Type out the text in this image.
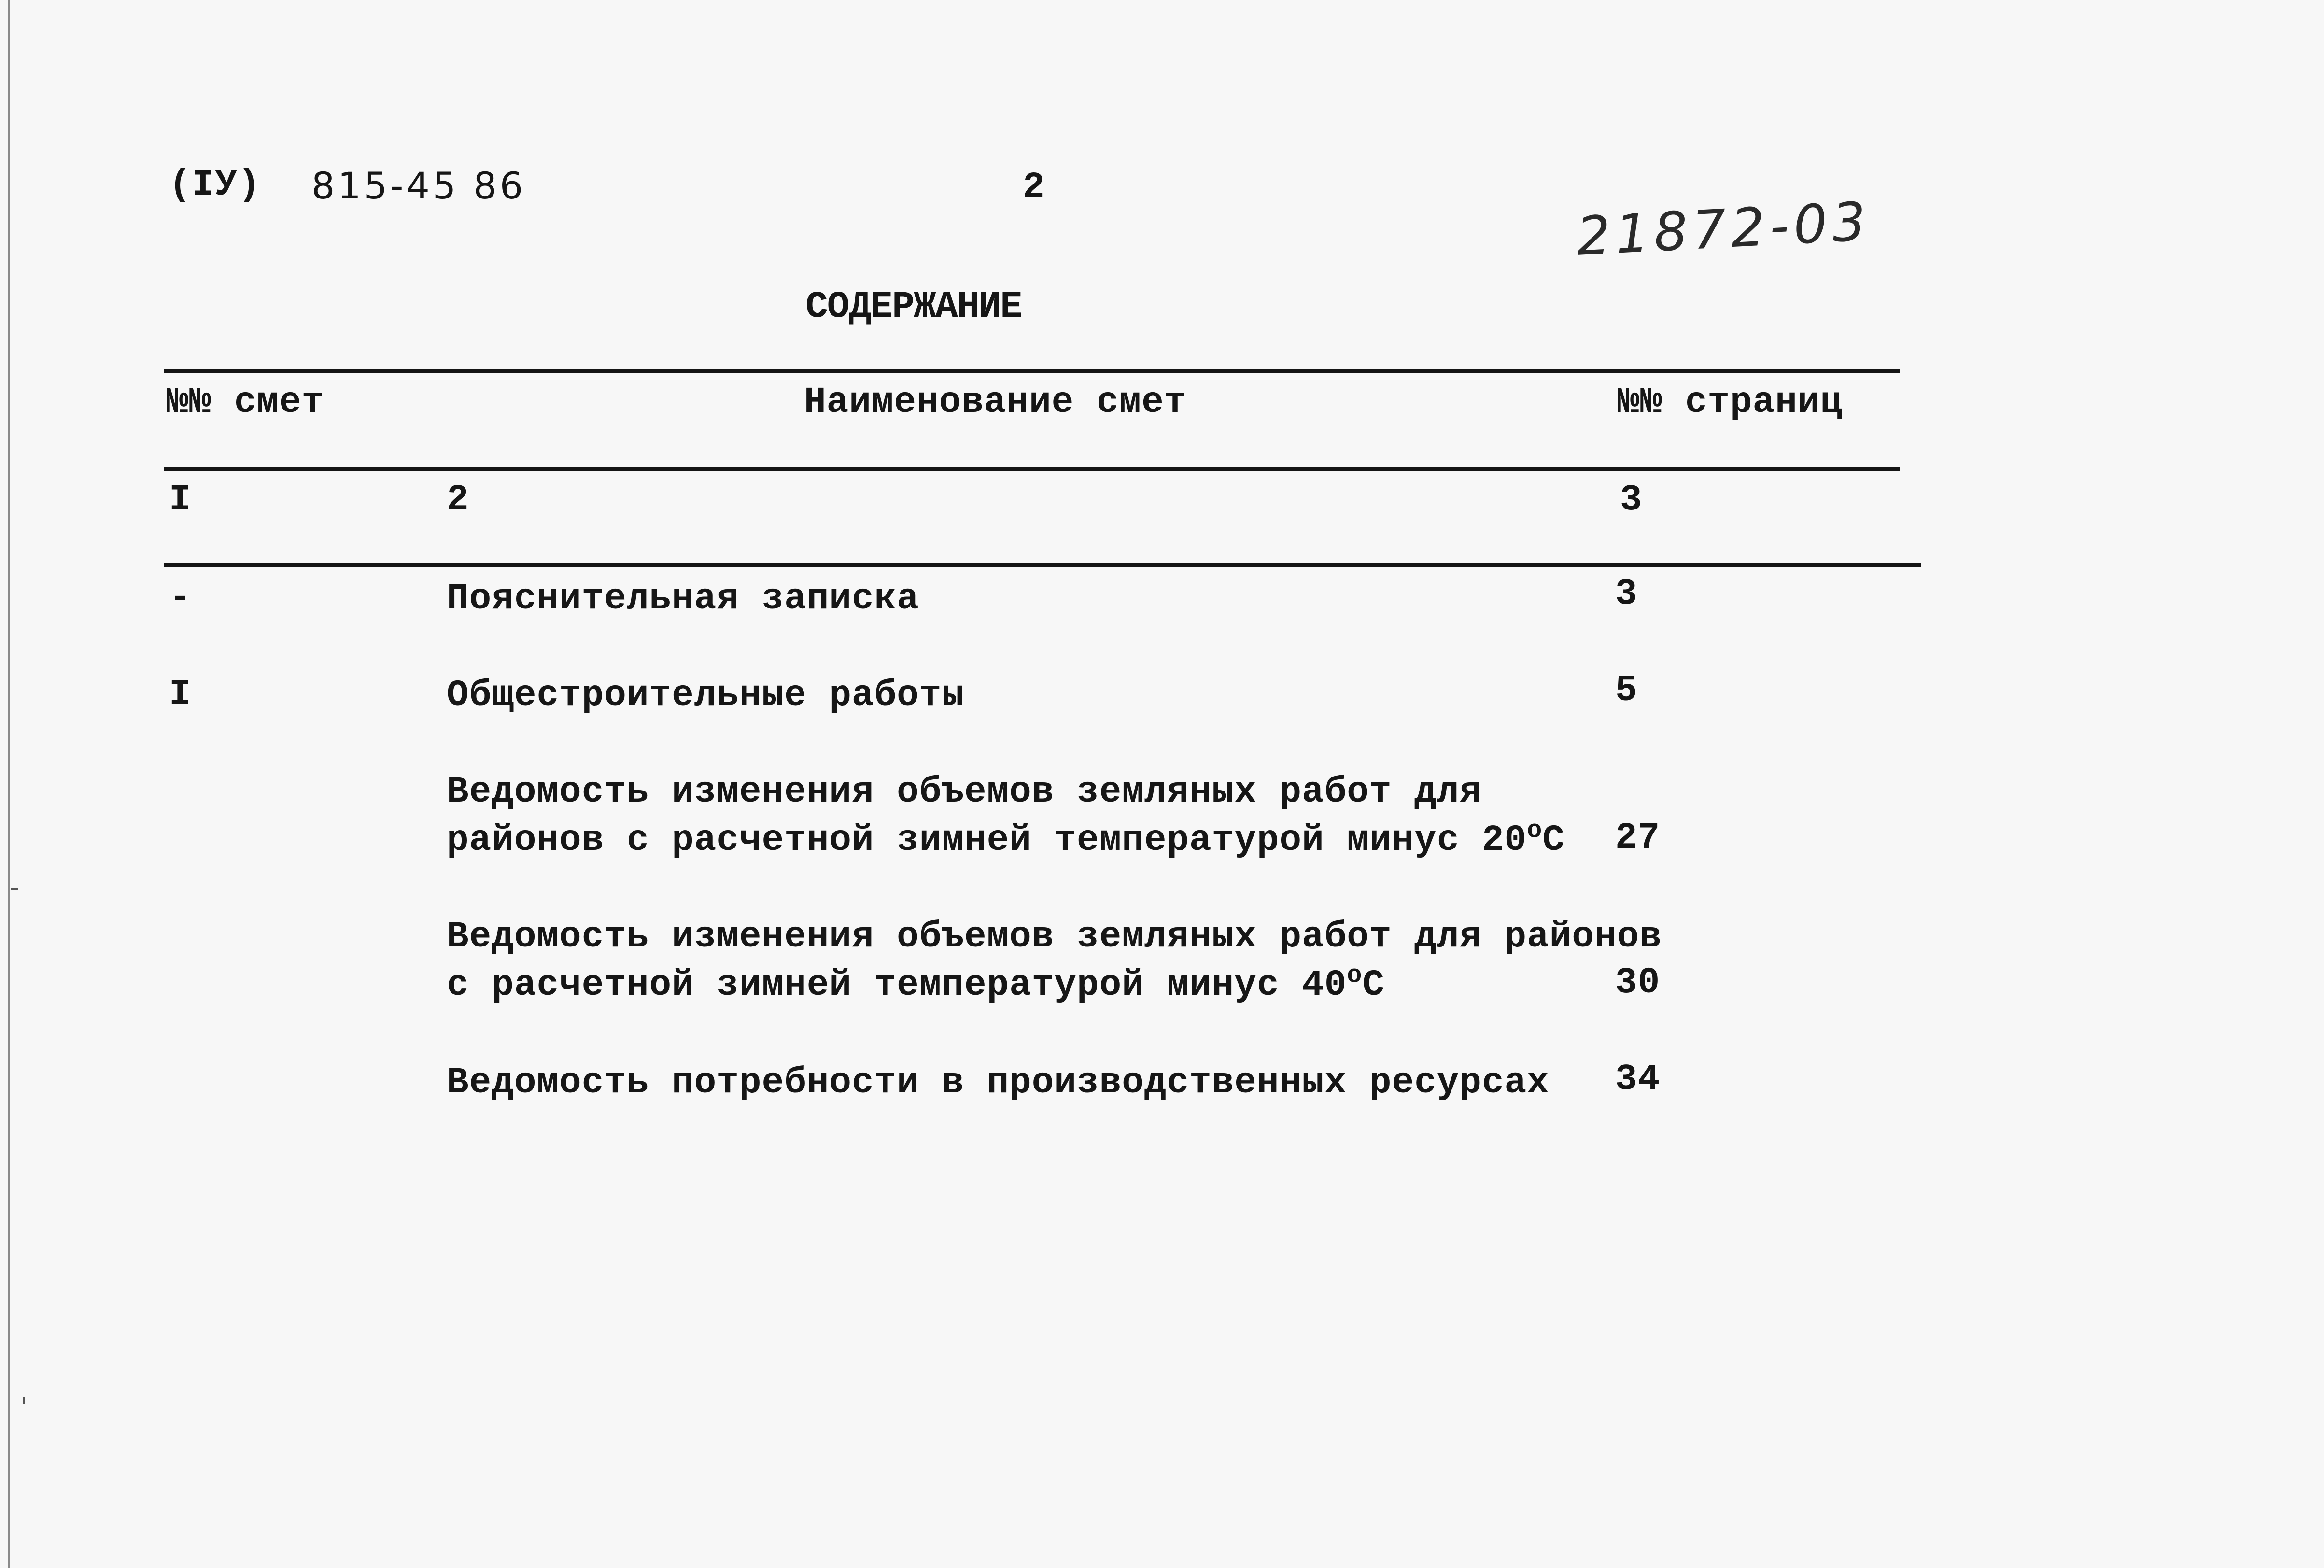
(IУ) 815-45 86	2
21872-03
СОДЕРЖАНИЕ
№№ смет	Наименование смет	№№ страниц
I	2	3
-	Пояснительная записка	3
I	Общестроительные работы	5
Ведомость изменения объемов земляных работ для
районов с расчетной зимней температурой минус 20$^o$С 27
Ведомость изменения объемов земляных работ для районов
с расчетной зимней температурой минус 40$^o$С	30
Ведомость потребности в производственных ресурсах 34
